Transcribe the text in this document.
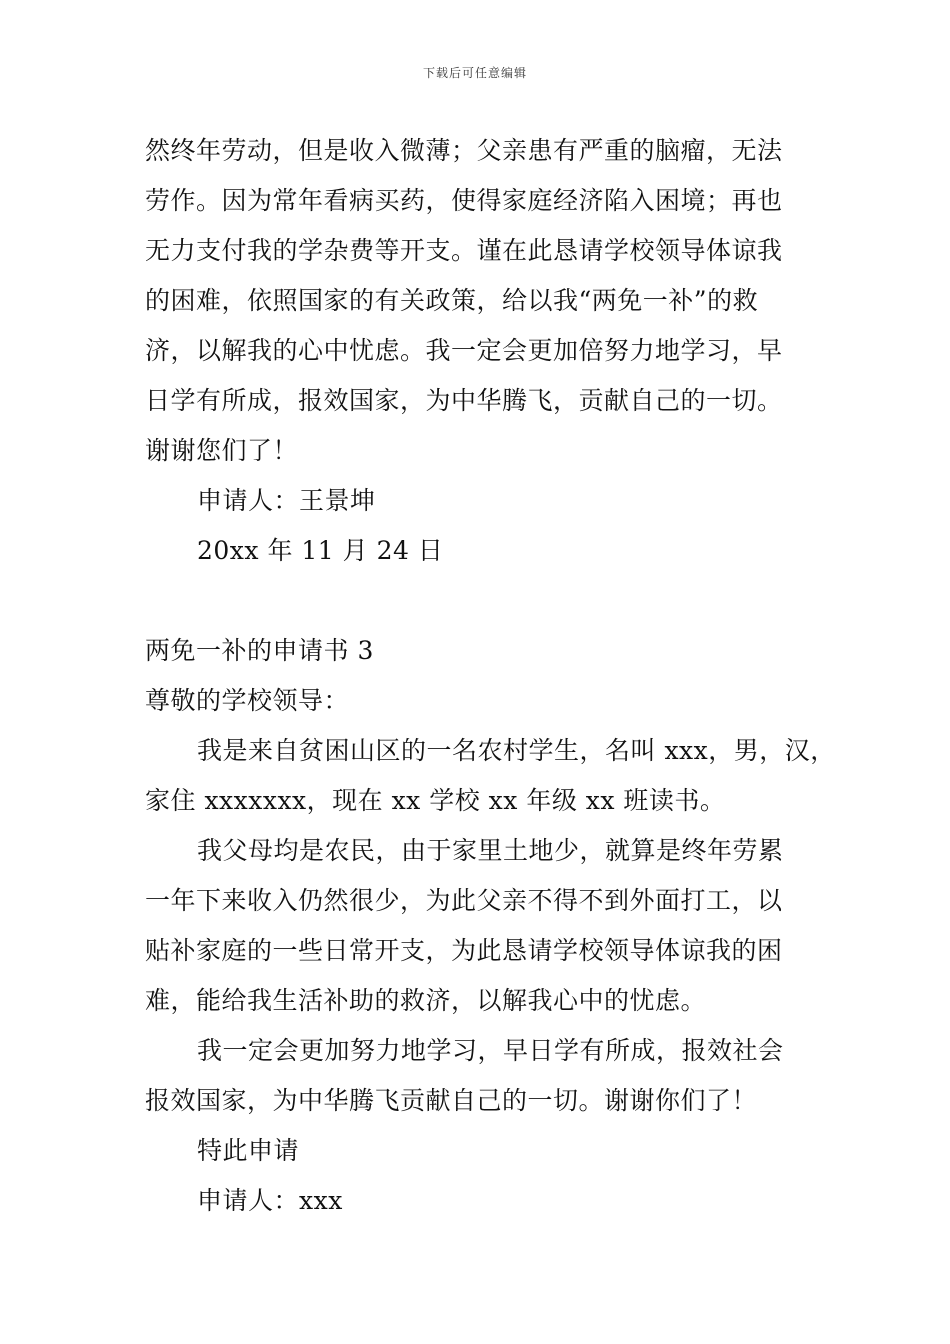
下载后可任意编辑
然终年劳动，但是收入微薄；父亲患有严重的脑瘤，无法
劳作。因为常年看病买药，使得家庭经济陷入困境；再也
无力支付我的学杂费等开支。谨在此恳请学校领导体谅我
的困难，依照国家的有关政策，给以我“两免一补”的救
济，以解我的心中忧虑。我一定会更加倍努力地学习，早
日学有所成，报效国家，为中华腾飞，贡献自己的一切。
谢谢您们了！
申请人：王景坤
20xx 年 11 月 24 日
两免一补的申请书 3
尊敬的学校领导：
我是来自贫困山区的一名农村学生，名叫 xxx，男，汉，
家住 xxxxxxx，现在 xx 学校 xx 年级 xx 班读书。
我父母均是农民，由于家里土地少，就算是终年劳累
一年下来收入仍然很少，为此父亲不得不到外面打工，以
贴补家庭的一些日常开支，为此恳请学校领导体谅我的困
难，能给我生活补助的救济，以解我心中的忧虑。
我一定会更加努力地学习，早日学有所成，报效社会
报效国家，为中华腾飞贡献自己的一切。谢谢你们了！
特此申请
申请人：xxx
